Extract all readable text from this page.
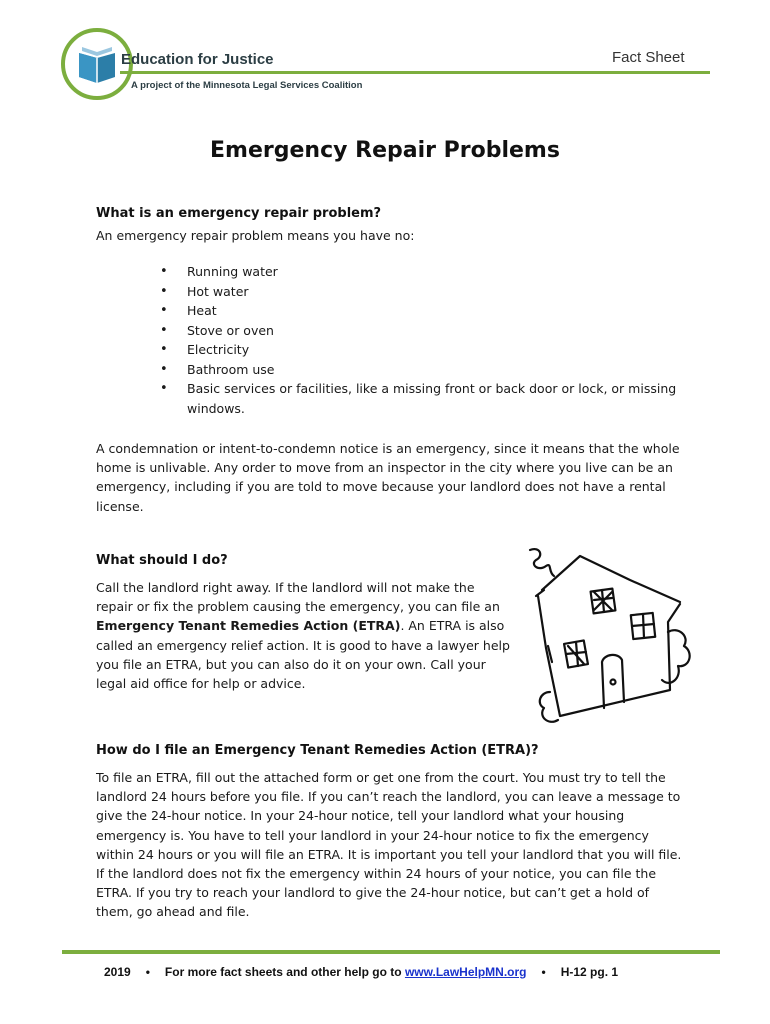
Education for Justice
A project of the Minnesota Legal Services Coalition
Fact Sheet
Emergency Repair Problems
What is an emergency repair problem?
An emergency repair problem means you have no:
• Running water
• Hot water
• Heat
• Stove or oven
• Electricity
• Bathroom use
• Basic services or facilities, like a missing front or back door or lock, or missing windows.
A condemnation or intent-to-condemn notice is an emergency, since it means that the whole home is unlivable. Any order to move from an inspector in the city where you live can be an emergency, including if you are told to move because your landlord does not have a rental license.
What should I do?
Call the landlord right away. If the landlord will not make the repair or fix the problem causing the emergency, you can file an Emergency Tenant Remedies Action (ETRA). An ETRA is also called an emergency relief action. It is good to have a lawyer help you file an ETRA, but you can also do it on your own. Call your legal aid office for help or advice.
How do I file an Emergency Tenant Remedies Action (ETRA)?
To file an ETRA, fill out the attached form or get one from the court. You must try to tell the landlord 24 hours before you file. If you can’t reach the landlord, you can leave a message to give the 24-hour notice. In your 24-hour notice, tell your landlord what your housing emergency is. You have to tell your landlord in your 24-hour notice to fix the emergency within 24 hours or you will file an ETRA. It is important you tell your landlord that you will file. If the landlord does not fix the emergency within 24 hours of your notice, you can file the ETRA. If you try to reach your landlord to give the 24-hour notice, but can’t get a hold of them, go ahead and file.
2019 • For more fact sheets and other help go to www.LawHelpMN.org • H-12 pg. 1
